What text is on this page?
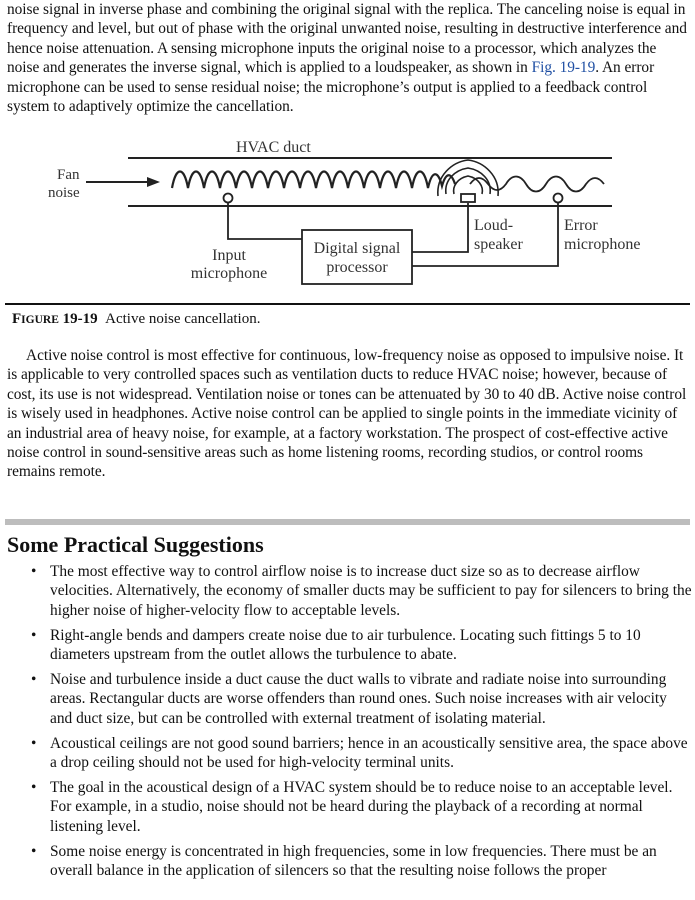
noise signal in inverse phase and combining the original signal with the replica. The canceling noise is equal in frequency and level, but out of phase with the original unwanted noise, resulting in destructive interference and hence noise attenuation. A sensing microphone inputs the original noise to a processor, which analyzes the noise and generates the inverse signal, which is applied to a loudspeaker, as shown in Fig. 19-19. An error microphone can be used to sense residual noise; the microphone’s output is applied to a feedback control system to adaptively optimize the cancellation.

HVAC duct
Fan
noise
Digital signal
processor
Input
microphone
Loud-
speaker
Error
microphone
FIGURE 19-19 Active noise cancellation.

Active noise control is most effective for continuous, low-frequency noise as opposed to impulsive noise. It is applicable to very controlled spaces such as ventilation ducts to reduce HVAC noise; however, because of cost, its use is not widespread. Ventilation noise or tones can be attenuated by 30 to 40 dB. Active noise control is wisely used in headphones. Active noise control can be applied to single points in the immediate vicinity of an industrial area of heavy noise, for example, at a factory workstation. The prospect of cost-effective active noise control in sound-sensitive areas such as home listening rooms, recording studios, or control rooms remains remote.

Some Practical Suggestions
• The most effective way to control airflow noise is to increase duct size so as to decrease airflow velocities. Alternatively, the economy of smaller ducts may be sufficient to pay for silencers to bring the higher noise of higher-velocity flow to acceptable levels.
• Right-angle bends and dampers create noise due to air turbulence. Locating such fittings 5 to 10 diameters upstream from the outlet allows the turbulence to abate.
• Noise and turbulence inside a duct cause the duct walls to vibrate and radiate noise into surrounding areas. Rectangular ducts are worse offenders than round ones. Such noise increases with air velocity and duct size, but can be controlled with external treatment of isolating material.
• Acoustical ceilings are not good sound barriers; hence in an acoustically sensitive area, the space above a drop ceiling should not be used for high-velocity terminal units.
• The goal in the acoustical design of a HVAC system should be to reduce noise to an acceptable level. For example, in a studio, noise should not be heard during the playback of a recording at normal listening level.
• Some noise energy is concentrated in high frequencies, some in low frequencies. There must be an overall balance in the application of silencers so that the resulting noise follows the proper
